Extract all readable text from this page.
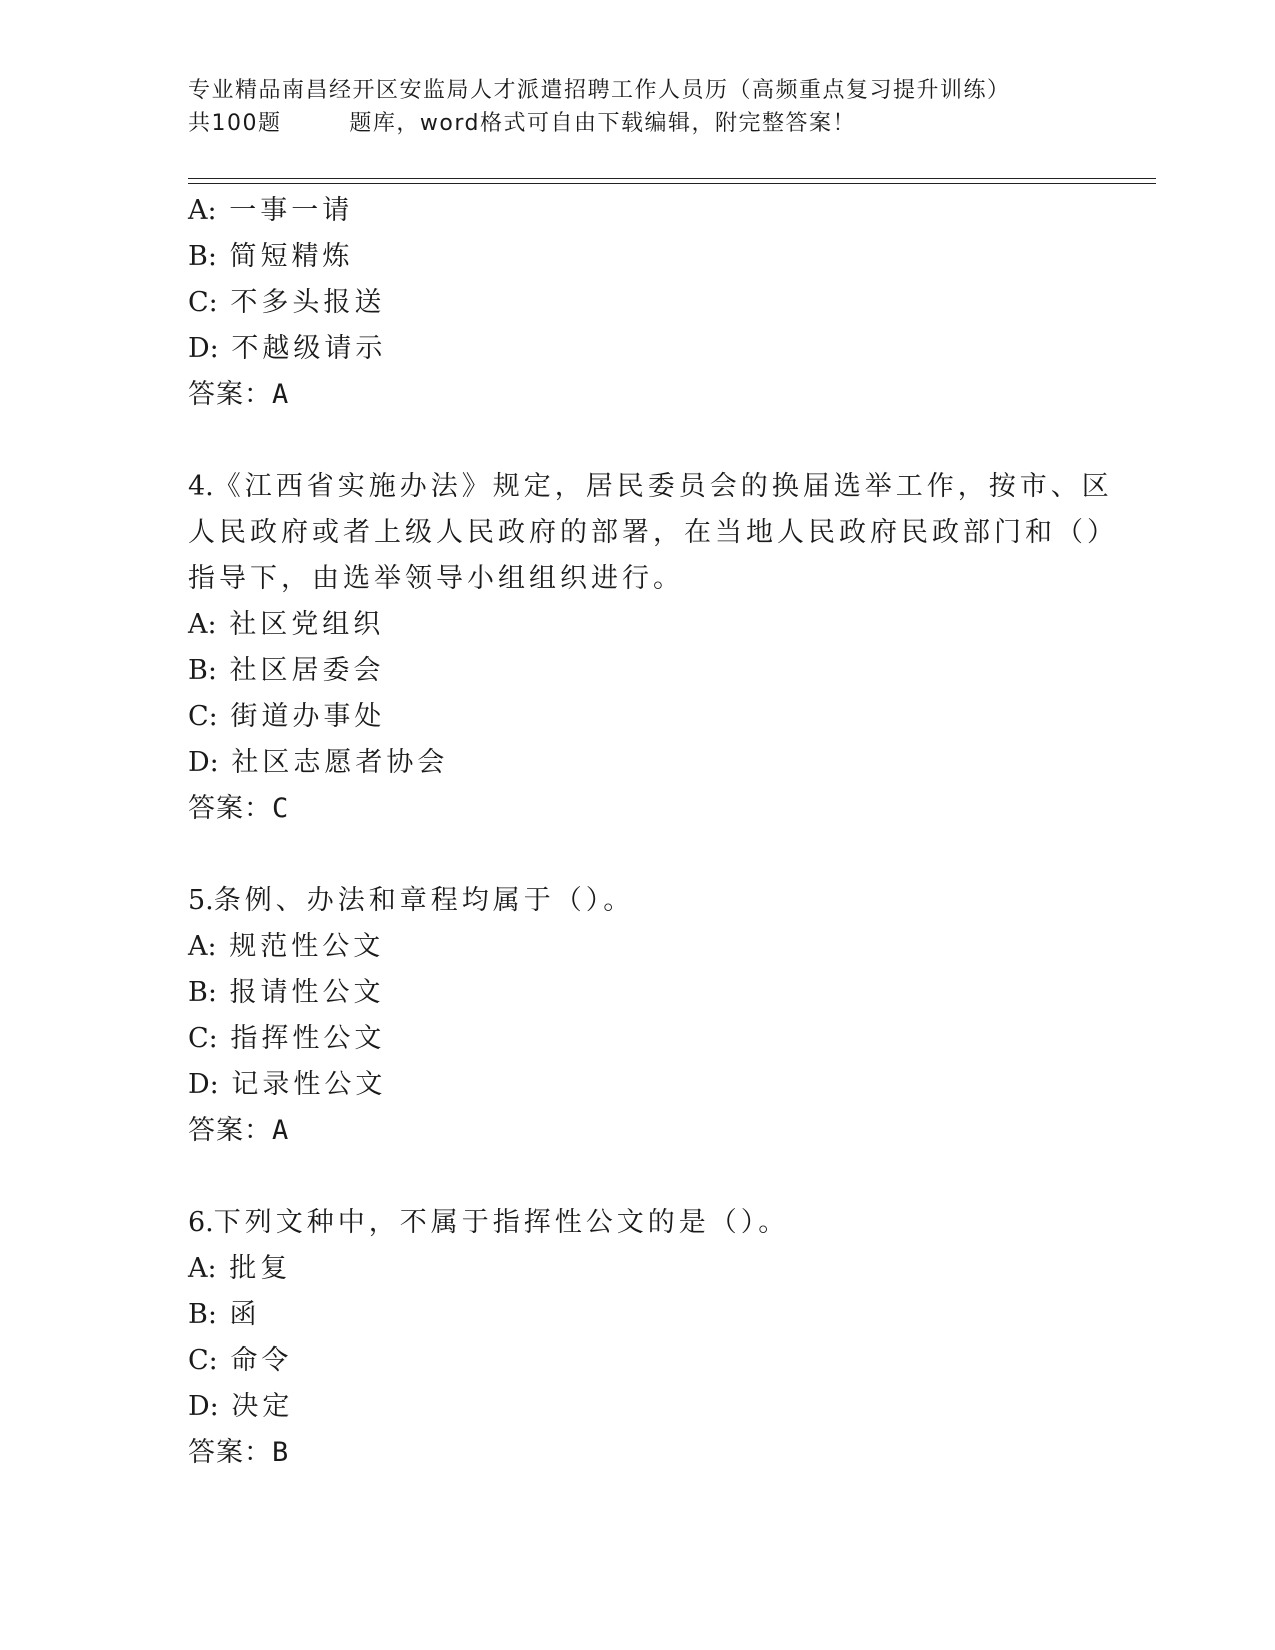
专业精品南昌经开区安监局人才派遣招聘工作人员历（高频重点复习提升训练）
共100题        题库，word格式可自由下载编辑，附完整答案！
A: 一事一请
B: 简短精炼
C: 不多头报送
D: 不越级请示
答案：A
4.《江西省实施办法》规定，居民委员会的换届选举工作，按市、区
人民政府或者上级人民政府的部署，在当地人民政府民政部门和（）
指导下，由选举领导小组组织进行。
A: 社区党组织
B: 社区居委会
C: 街道办事处
D: 社区志愿者协会
答案：C
5.条例、办法和章程均属于（）。
A: 规范性公文
B: 报请性公文
C: 指挥性公文
D: 记录性公文
答案：A
6.下列文种中，不属于指挥性公文的是（）。
A: 批复
B: 函
C: 命令
D: 决定
答案：B
